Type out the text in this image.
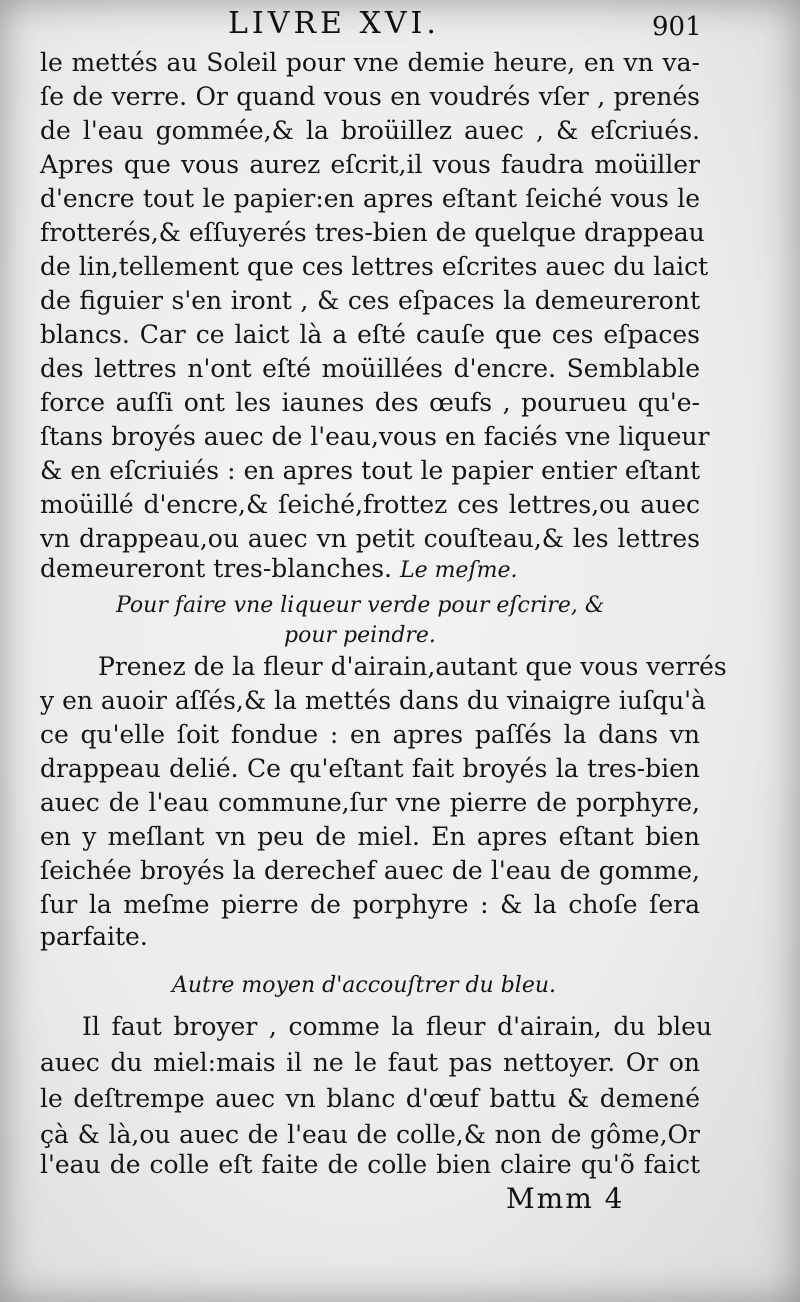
LIVRE XVI.	901
le mettés au Soleil pour vne demie heure, en vn va-
ſe de verre. Or quand vous en voudrés vſer , prenés
de l'eau gommée,& la broüillez auec , & eſcriués.
Apres que vous aurez eſcrit,il vous faudra moüiller
d'encre tout le papier:en apres eſtant ſeiché vous le
frotterés,& eſſuyerés tres-bien de quelque drappeau
de lin,tellement que ces lettres eſcrites auec du laict
de figuier s'en iront , & ces eſpaces la demeureront
blancs. Car ce laict là a eſté cauſe que ces eſpaces
des lettres n'ont eſté moüillées d'encre. Semblable
force auſſi ont les iaunes des œufs , pourueu qu'e-
ſtans broyés auec de l'eau,vous en faciés vne liqueur
& en eſcriuiés : en apres tout le papier entier eſtant
moüillé d'encre,& ſeiché,frottez ces lettres,ou auec
vn drappeau,ou auec vn petit couſteau,& les lettres
demeureront tres-blanches. Le meſme.
Pour faire vne liqueur verde pour eſcrire, &
pour peindre.
Prenez de la fleur d'airain,autant que vous verrés
y en auoir aſſés,& la mettés dans du vinaigre iuſqu'à
ce qu'elle ſoit fondue : en apres paſſés la dans vn
drappeau delié. Ce qu'eſtant fait broyés la tres-bien
auec de l'eau commune,ſur vne pierre de porphyre,
en y meſlant vn peu de miel. En apres eſtant bien
ſeichée broyés la derechef auec de l'eau de gomme,
ſur la meſme pierre de porphyre : & la choſe ſera
parfaite.
Autre moyen d'accouſtrer du bleu.
Il faut broyer , comme la fleur d'airain, du bleu
auec du miel:mais il ne le faut pas nettoyer. Or on
le deſtrempe auec vn blanc d'œuf battu & demené
çà & là,ou auec de l'eau de colle,& non de gôme,Or
l'eau de colle eſt faite de colle bien claire qu'õ faict
Mmm 4
